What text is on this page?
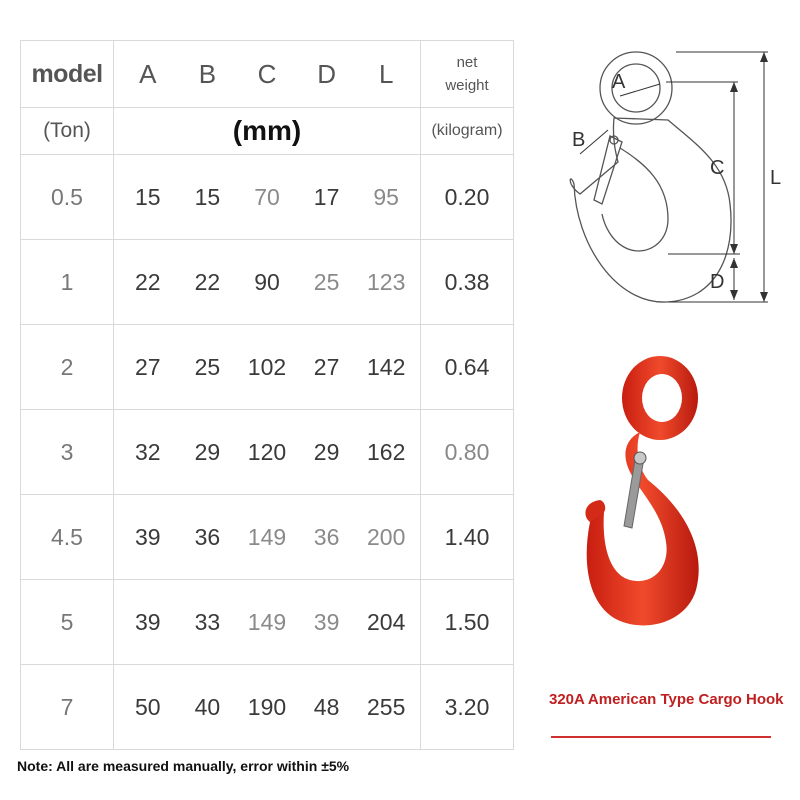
model	A B C D L	net
weight

(Ton)	(mm)	(kilogram)
0.5	15 15 70 17 95	0.20
1	22 22 90 25 123	0.38
2	27 25 102 27 142	0.64
3	32 29 120 29 162	0.80
4.5	39 36 149 36 200	1.40
5	39 33 149 39 204	1.50
7	50 40 190 48 255	3.20
Note: All are measured manually, error within ±5%
A
B
C
D
L
320A American Type Cargo Hook
